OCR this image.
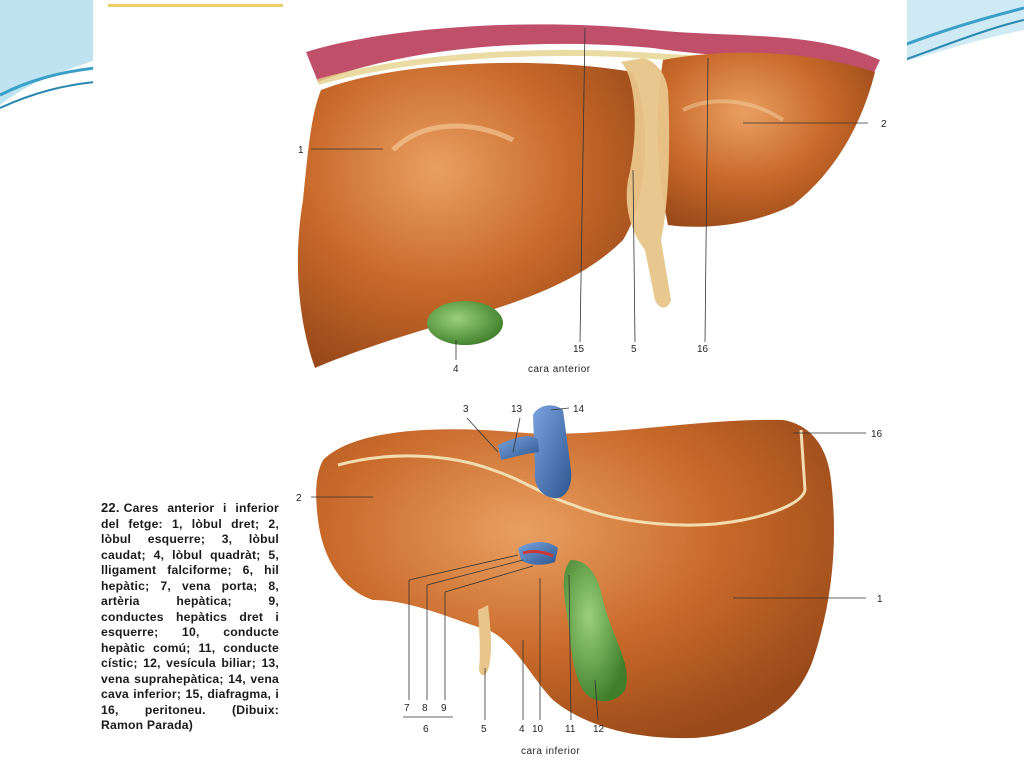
1
2
4
15	5	16
cara anterior
3	13	14
16
2
1
7 8 9
6	5	4 10 11 12
cara inferior
22. Cares anterior i inferior del fetge: 1, lòbul dret; 2, lòbul esquerre; 3, lòbul caudat; 4, lòbul quadràt; 5, lligament falciforme; 6, hil hepàtic; 7, vena porta; 8, artèria hepàtica; 9, conductes hepàtics dret i esquerre; 10, conducte hepàtic comú; 11, conducte cístic; 12, vesícula biliar; 13, vena suprahepàtica; 14, vena cava inferior; 15, diafragma, i 16, peritoneu. (Dibuix: Ramon Parada)
